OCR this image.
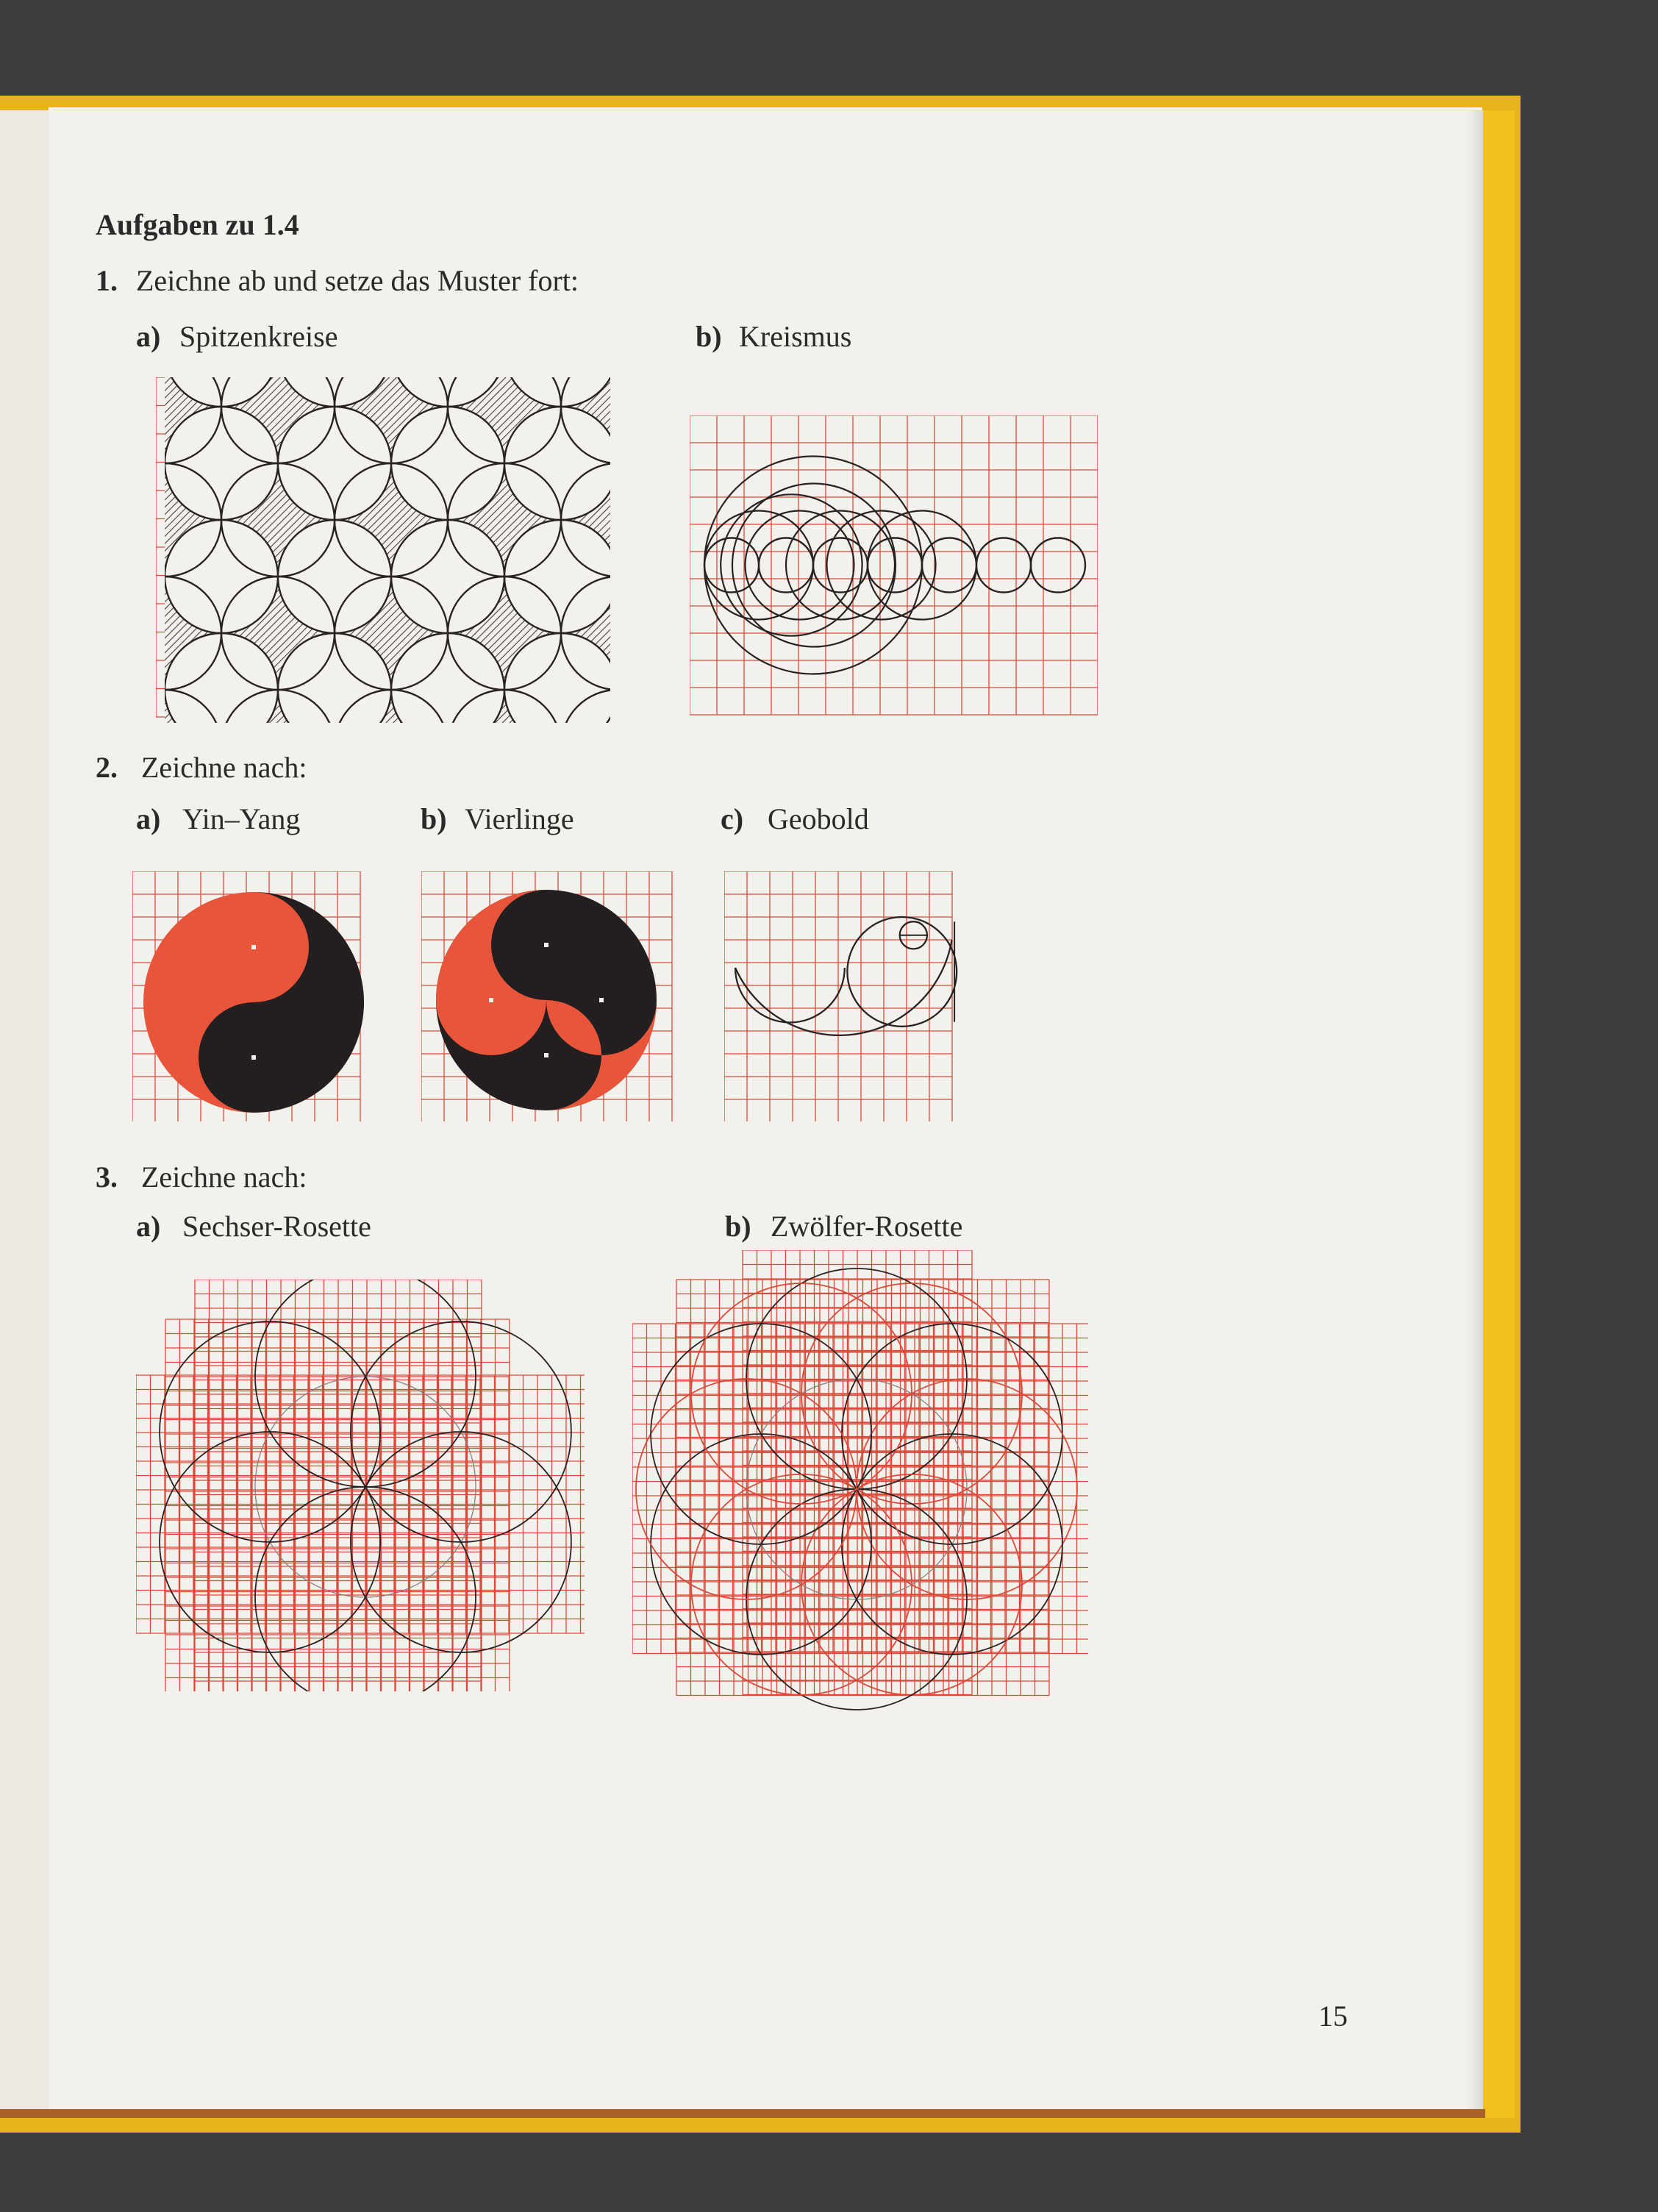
Aufgaben zu 1.4
1. Zeichne ab und setze das Muster fort:
a) Spitzenkreise	b) Kreismus
2. Zeichne nach:
a) Yin–Yang	b) Vierlinge	c) Geobold
3. Zeichne nach:
a) Sechser-Rosette	b) Zwölfer-Rosette
15
